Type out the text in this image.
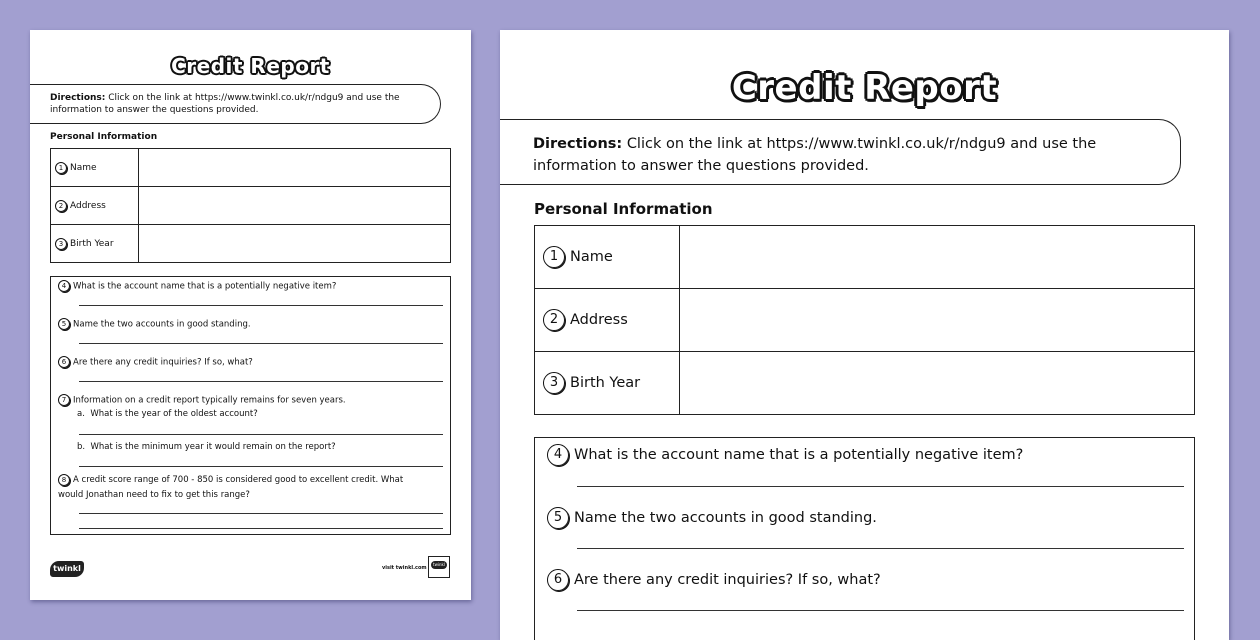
Credit Report
Directions: Click on the link at https://www.twinkl.co.uk/r/ndgu9 and use the information to answer the questions provided.
Personal Information
1 Name	
2 Address	
3 Birth Year	
4 What is the account name that is a potentially negative item?
5 Name the two accounts in good standing.
6 Are there any credit inquiries? If so, what?
7 Information on a credit report typically remains for seven years.
a. What is the year of the oldest account?
b. What is the minimum year it would remain on the report?
8 A credit score range of 700 - 850 is considered good to excellent credit. What would Jonathan need to fix to get this range?
twinkl	visit twinkl.com
twinkl
Credit Report
Directions: Click on the link at https://www.twinkl.co.uk/r/ndgu9 and use the information to answer the questions provided.
Personal Information
1 Name	
2 Address	
3 Birth Year	
4 What is the account name that is a potentially negative item?
5 Name the two accounts in good standing.
6 Are there any credit inquiries? If so, what?
